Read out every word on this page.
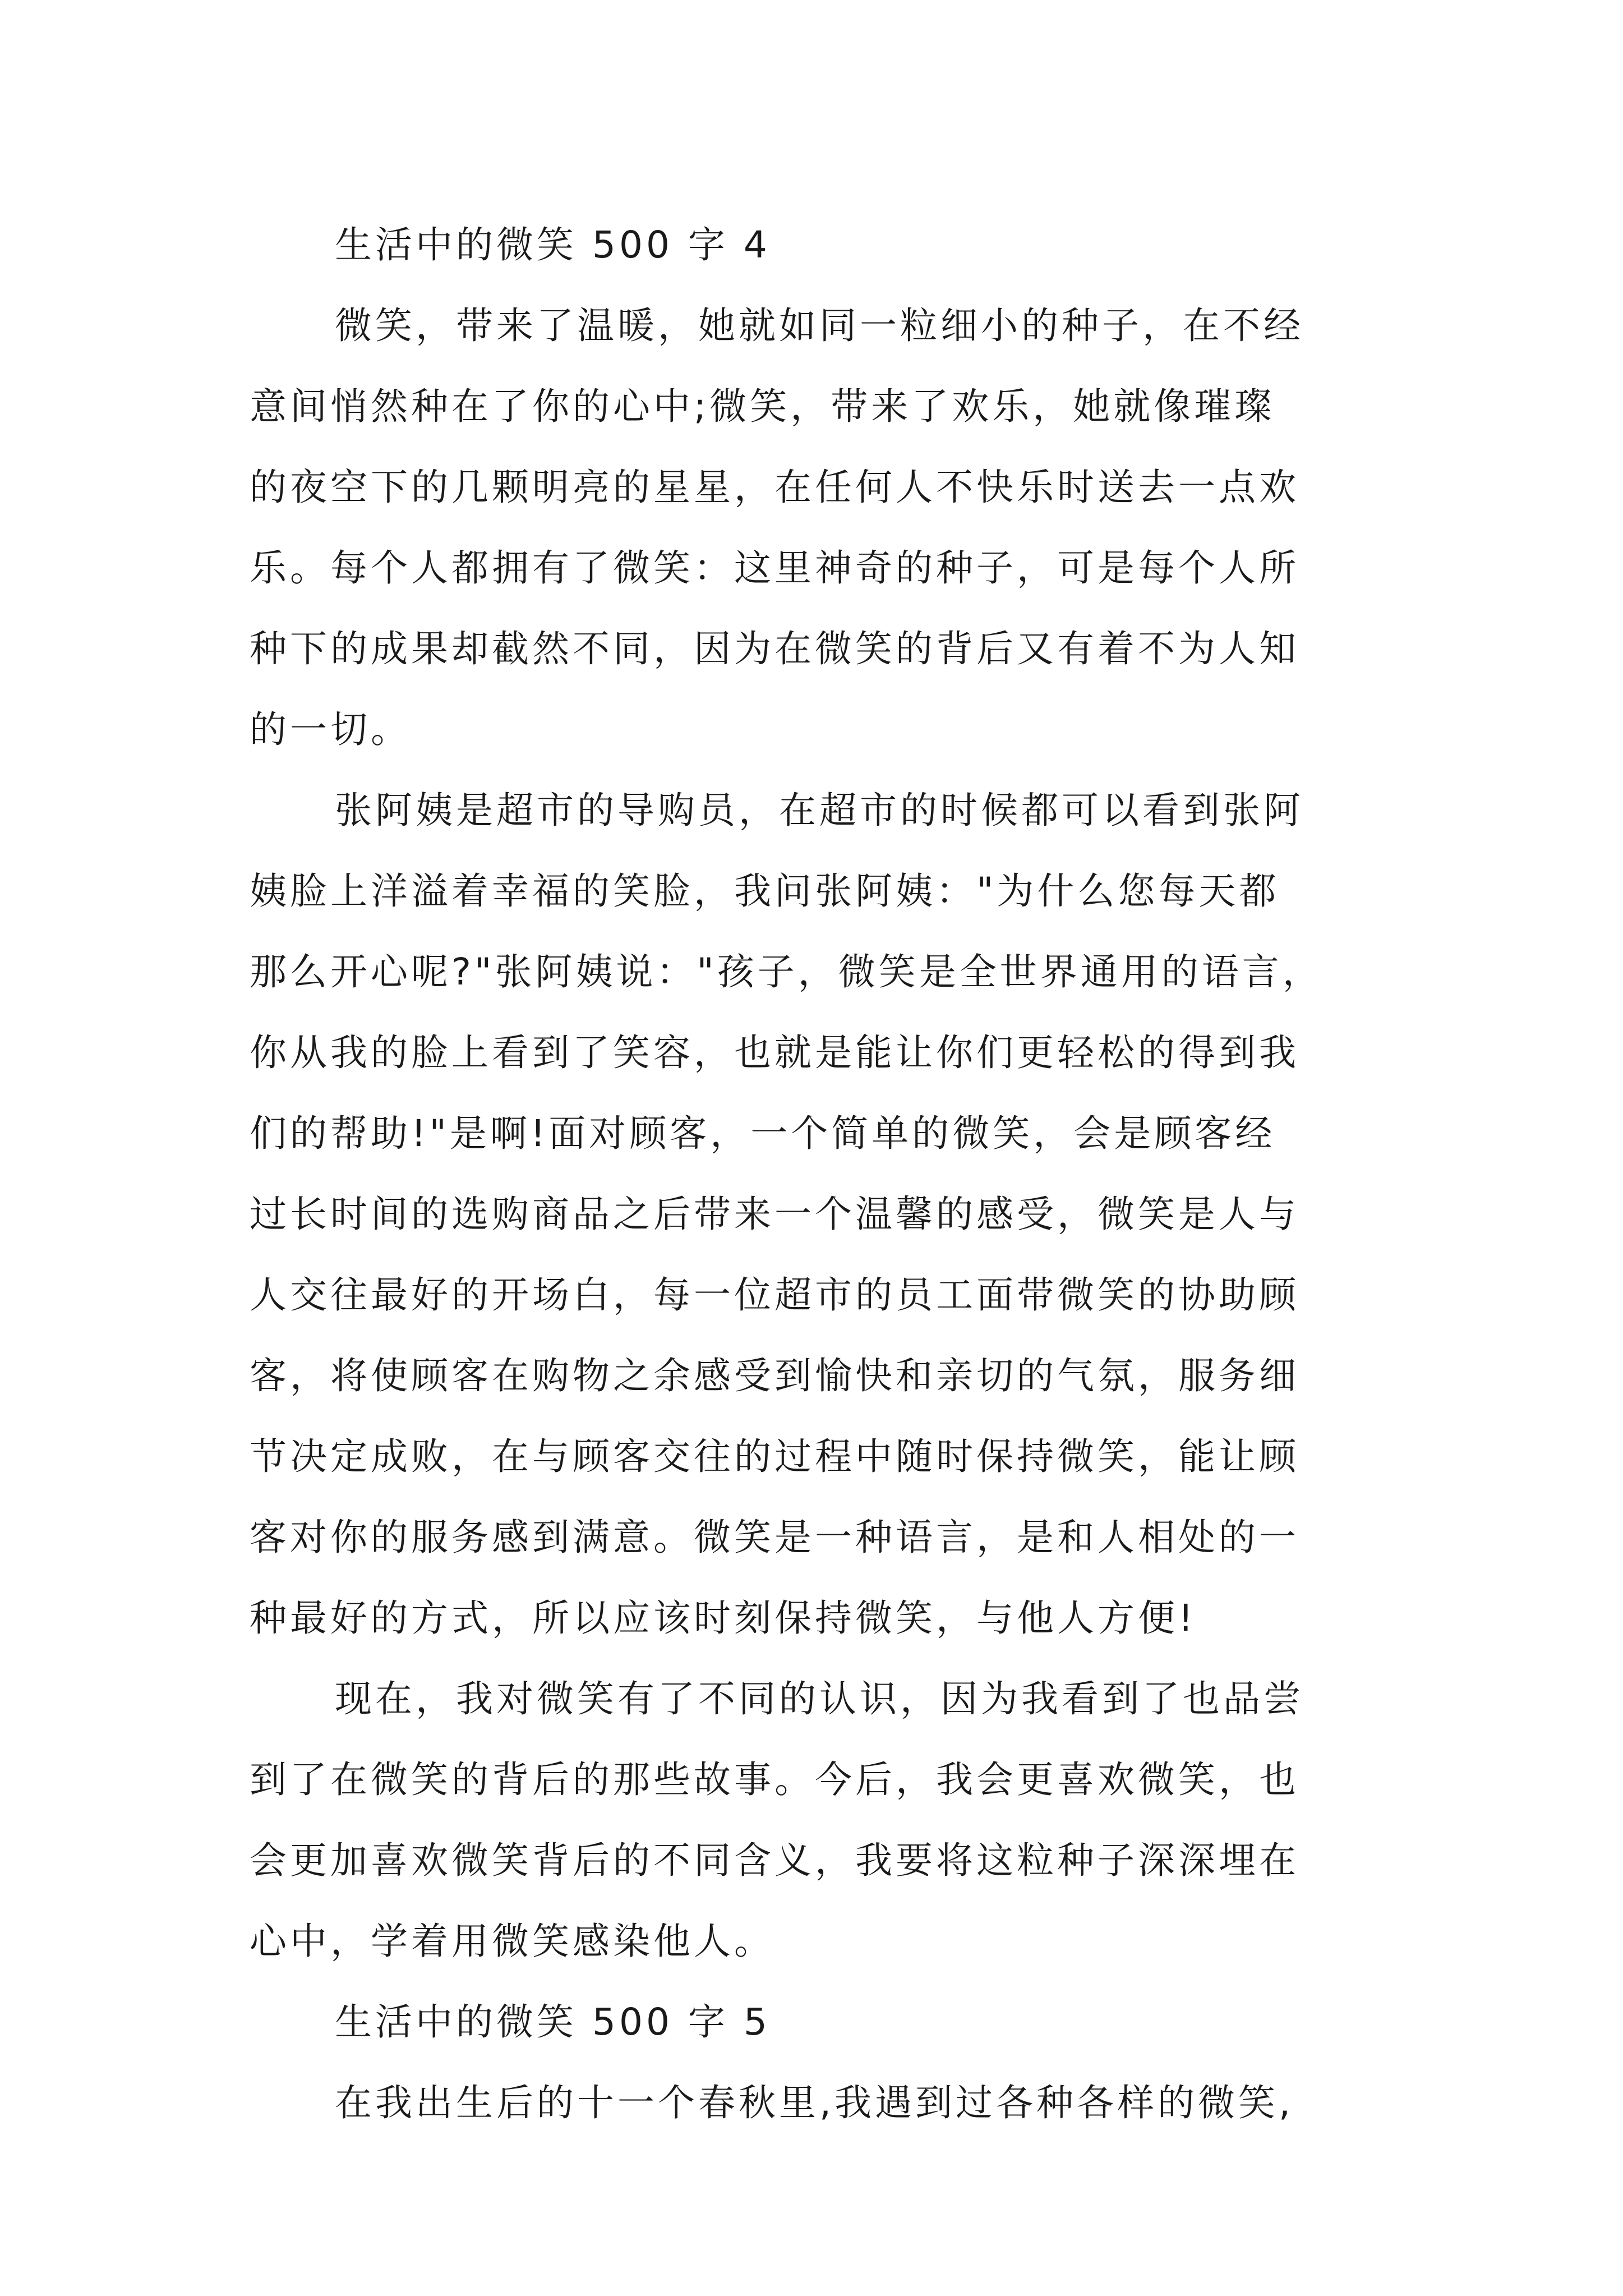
生活中的微笑 500 字 4
微笑，带来了温暖，她就如同一粒细小的种子，在不经
意间悄然种在了你的心中;微笑，带来了欢乐，她就像璀璨
的夜空下的几颗明亮的星星，在任何人不快乐时送去一点欢
乐。每个人都拥有了微笑：这里神奇的种子，可是每个人所
种下的成果却截然不同，因为在微笑的背后又有着不为人知
的一切。
张阿姨是超市的导购员，在超市的时候都可以看到张阿
姨脸上洋溢着幸福的笑脸，我问张阿姨："为什么您每天都
那么开心呢?"张阿姨说："孩子，微笑是全世界通用的语言，
你从我的脸上看到了笑容，也就是能让你们更轻松的得到我
们的帮助!"是啊!面对顾客，一个简单的微笑，会是顾客经
过长时间的选购商品之后带来一个温馨的感受，微笑是人与
人交往最好的开场白，每一位超市的员工面带微笑的协助顾
客，将使顾客在购物之余感受到愉快和亲切的气氛，服务细
节决定成败，在与顾客交往的过程中随时保持微笑，能让顾
客对你的服务感到满意。微笑是一种语言，是和人相处的一
种最好的方式，所以应该时刻保持微笑，与他人方便!
现在，我对微笑有了不同的认识，因为我看到了也品尝
到了在微笑的背后的那些故事。今后，我会更喜欢微笑，也
会更加喜欢微笑背后的不同含义，我要将这粒种子深深埋在
心中，学着用微笑感染他人。
生活中的微笑 500 字 5
在我出生后的十一个春秋里,我遇到过各种各样的微笑,
